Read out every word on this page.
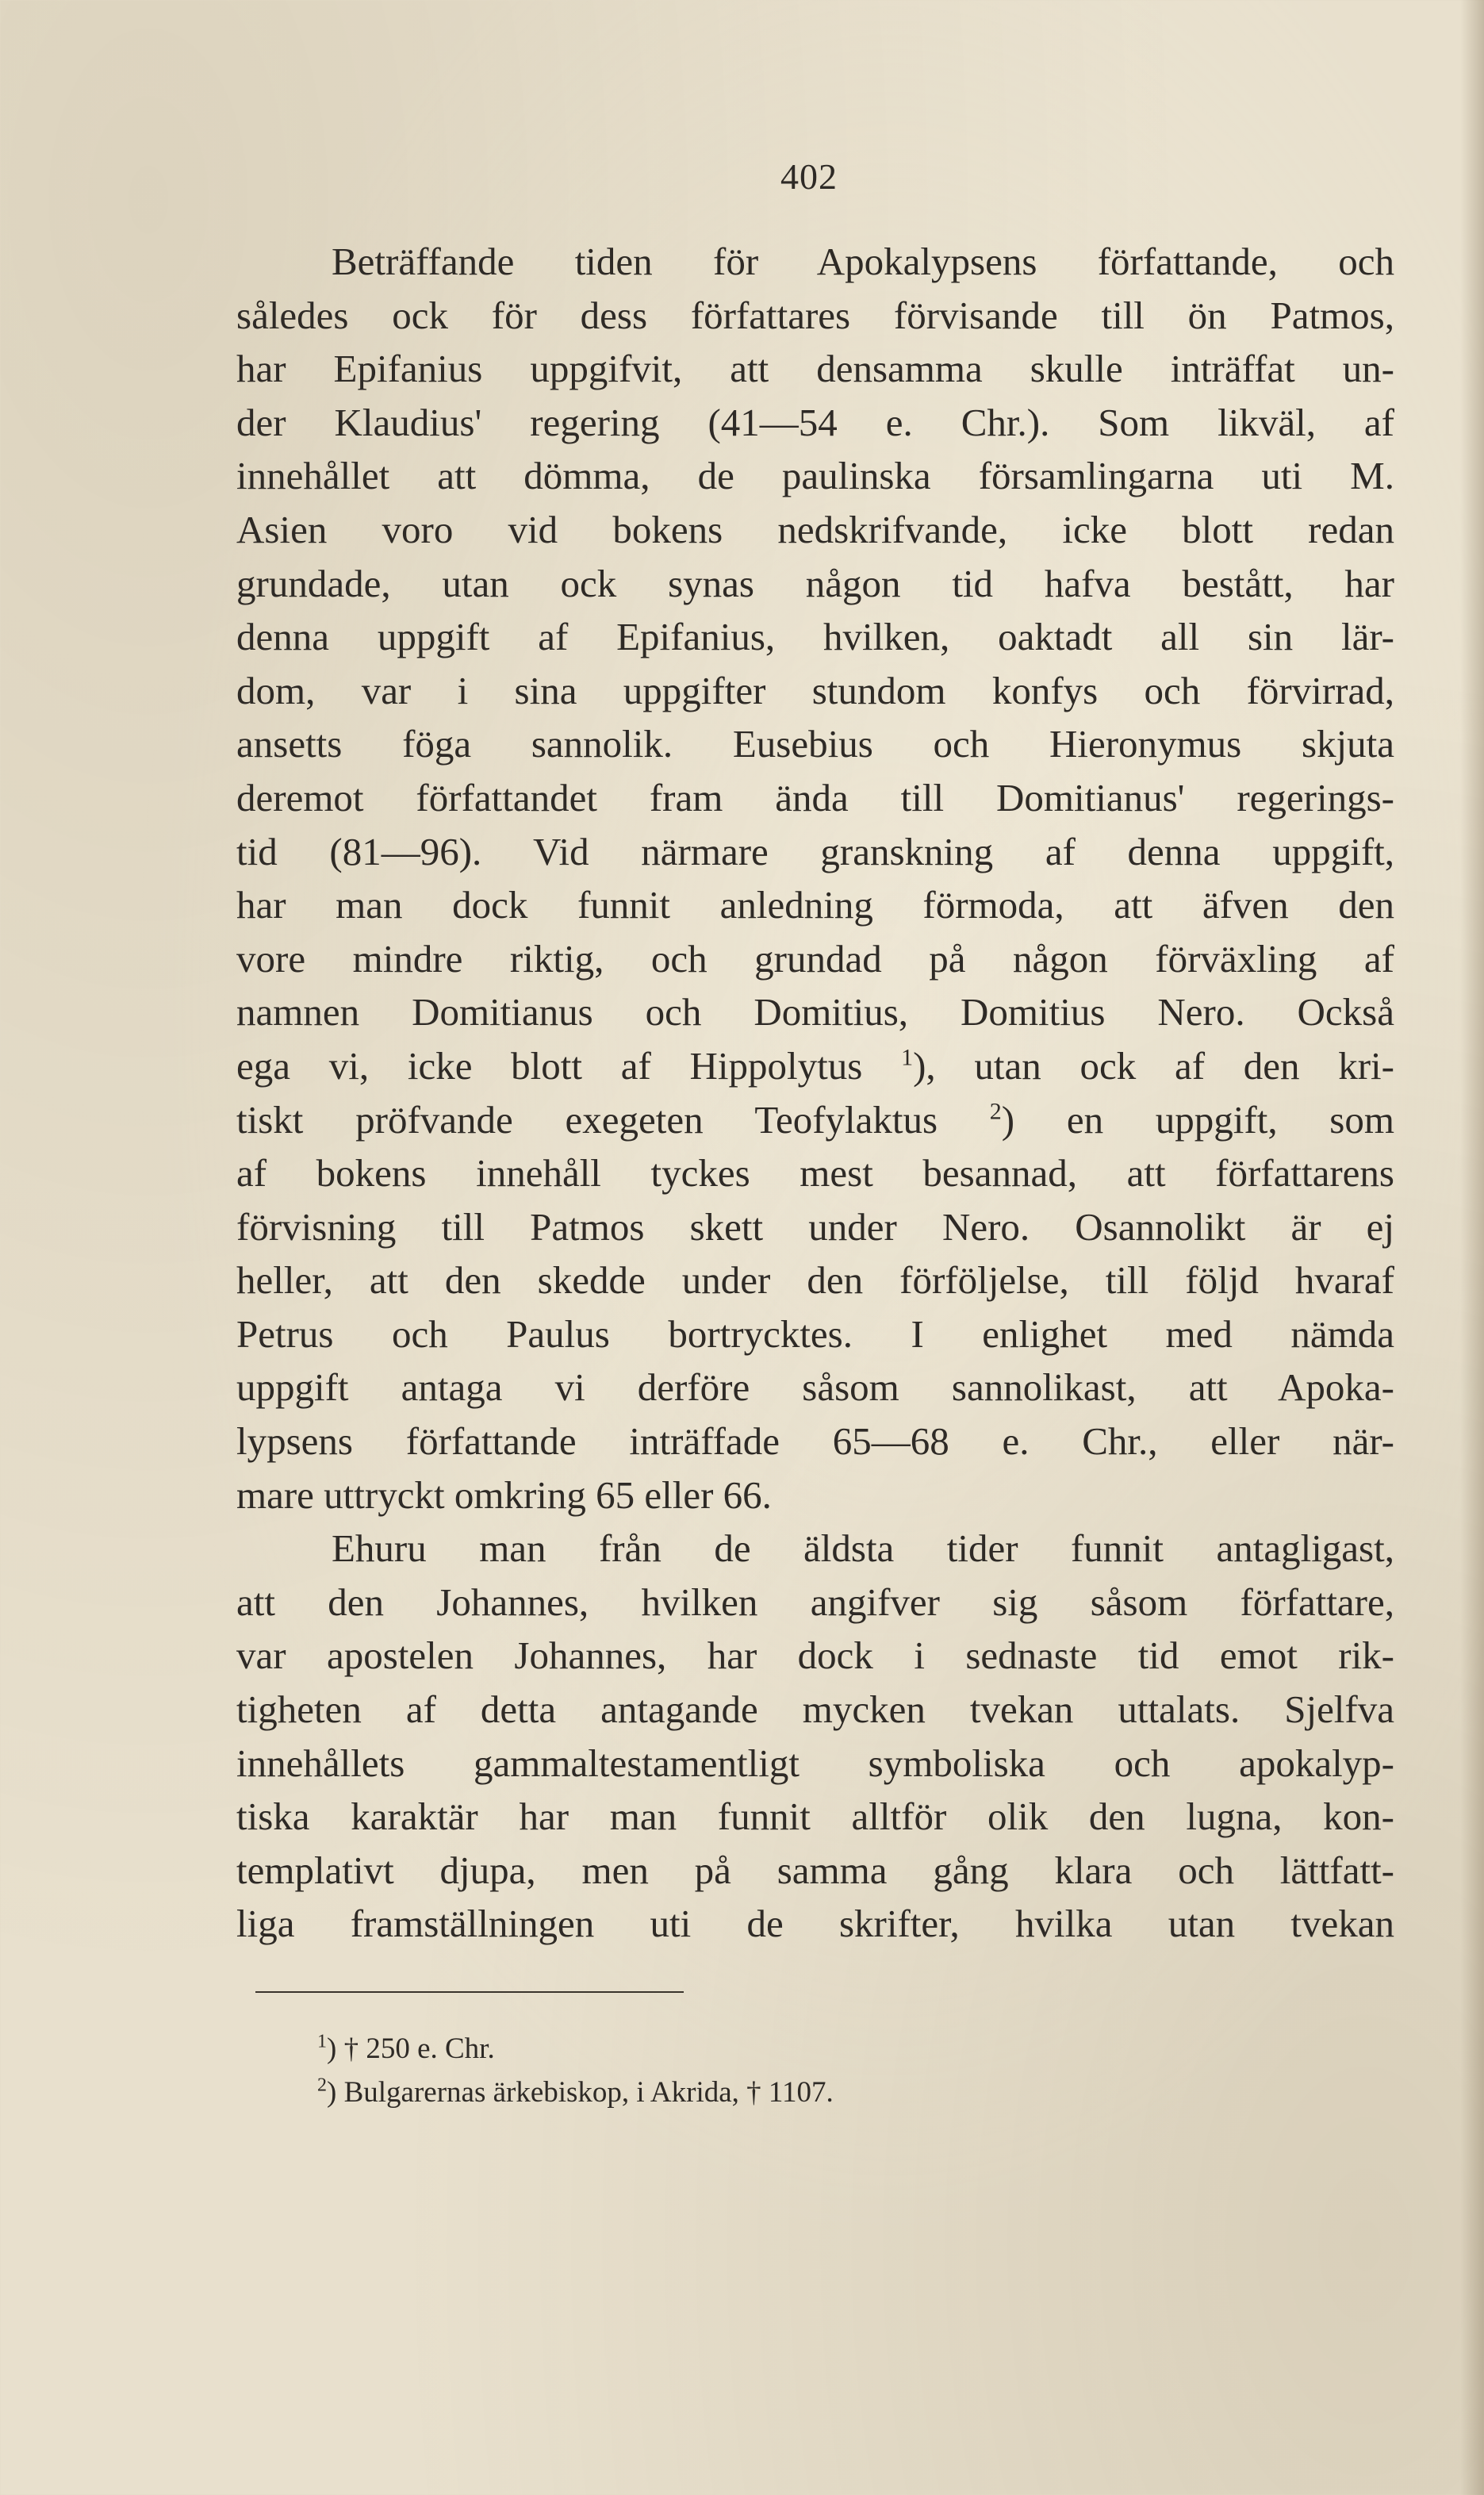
402
Beträffande tiden för Apokalypsens författande, och
således ock för dess författares förvisande till ön Patmos,
har Epifanius uppgifvit, att densamma skulle inträffat un-
der Klaudius' regering (41—54 e. Chr.). Som likväl, af
innehållet att dömma, de paulinska församlingarna uti M.
Asien voro vid bokens nedskrifvande, icke blott redan
grundade, utan ock synas någon tid hafva bestått, har
denna uppgift af Epifanius, hvilken, oaktadt all sin lär-
dom, var i sina uppgifter stundom konfys och förvirrad,
ansetts föga sannolik. Eusebius och Hieronymus skjuta
deremot författandet fram ända till Domitianus' regerings-
tid (81—96). Vid närmare granskning af denna uppgift,
har man dock funnit anledning förmoda, att äfven den
vore mindre riktig, och grundad på någon förväxling af
namnen Domitianus och Domitius, Domitius Nero. Också
ega vi, icke blott af Hippolytus $^1$), utan ock af den kri-
tiskt pröfvande exegeten Teofylaktus $^2$) en uppgift, som
af bokens innehåll tyckes mest besannad, att författarens
förvisning till Patmos skett under Nero. Osannolikt är ej
heller, att den skedde under den förföljelse, till följd hvaraf
Petrus och Paulus bortrycktes. I enlighet med nämda
uppgift antaga vi derföre såsom sannolikast, att Apoka-
lypsens författande inträffade 65—68 e. Chr., eller när-
mare uttryckt omkring 65 eller 66.
Ehuru man från de äldsta tider funnit antagligast,
att den Johannes, hvilken angifver sig såsom författare,
var apostelen Johannes, har dock i sednaste tid emot rik-
tigheten af detta antagande mycken tvekan uttalats. Sjelfva
innehållets gammaltestamentligt symboliska och apokalyp-
tiska karaktär har man funnit alltför olik den lugna, kon-
templativt djupa, men på samma gång klara och lättfatt-
liga framställningen uti de skrifter, hvilka utan tvekan
$^1$) † 250 e. Chr.
$^2$) Bulgarernas ärkebiskop, i Akrida, † 1107.
